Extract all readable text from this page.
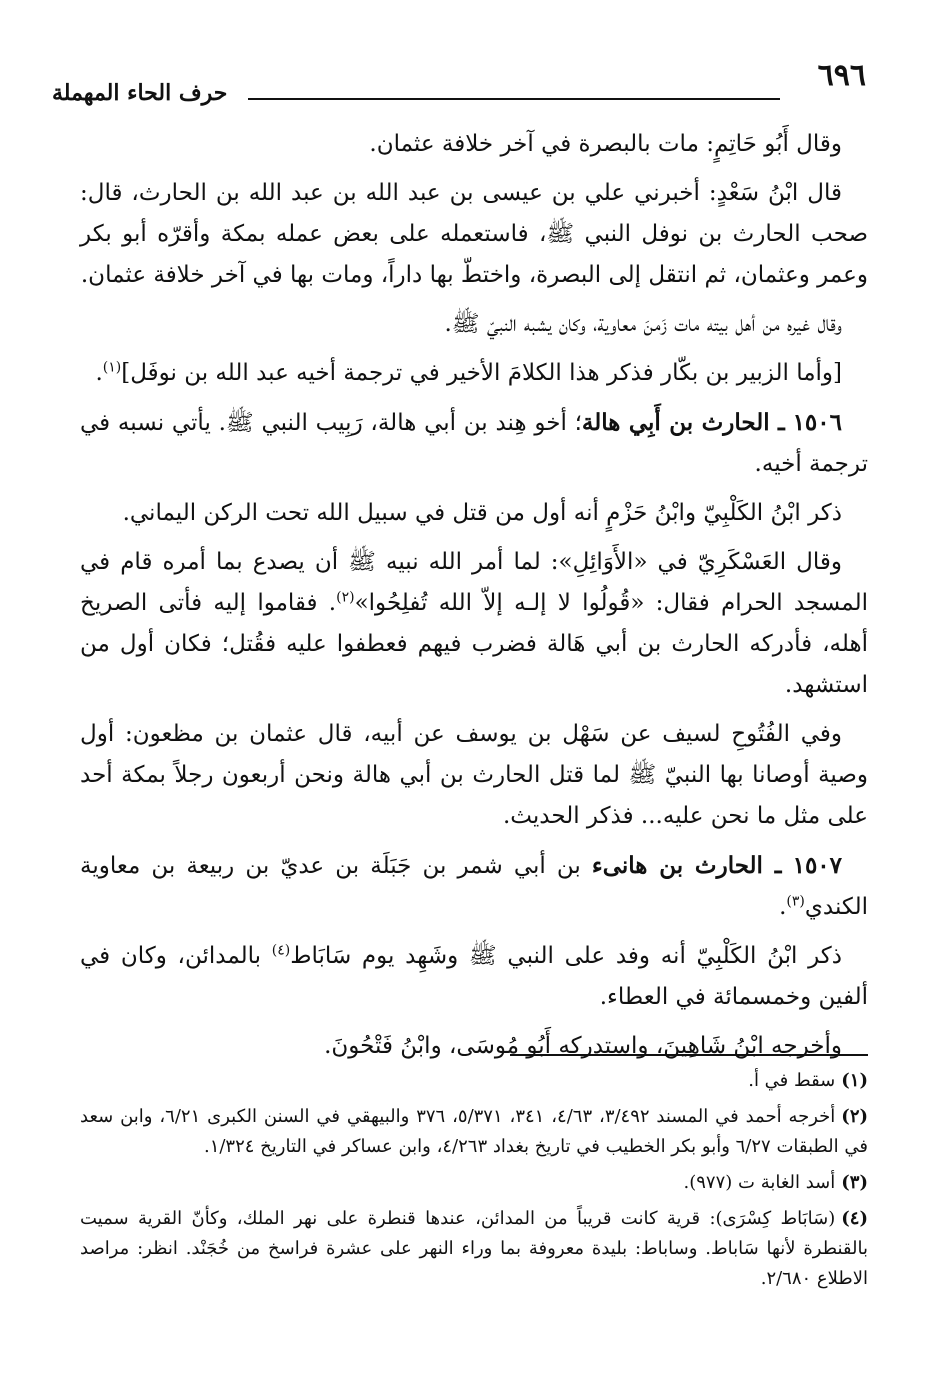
٦٩٦
حرف الحاء المهملة

وقال أَبُو حَاتِمٍ: مات بالبصرة في آخر خلافة عثمان.

قال ابْنُ سَعْدٍ: أخبرني علي بن عيسى بن عبد الله بن عبد الله بن الحارث، قال: صحب الحارث بن نوفل النبي ﷺ، فاستعمله على بعض عمله بمكة وأقرّه أبو بكر وعمر وعثمان، ثم انتقل إلى البصرة، واختطّ بها داراً، ومات بها في آخر خلافة عثمان.

وقال غيره من أهل بيته مات زَمنَ معاوية، وكان يشبه النبيّ ﷺ.

[وأما الزبير بن بكّار فذكر هذا الكلامَ الأخير في ترجمة أخيه عبد الله بن نوفَل]$^{(١)}$.

١٥٠٦ ـ الحارث بن أَبِي هالة؛ أخو هِند بن أبي هالة، رَبِيب النبي ﷺ. يأتي نسبه في ترجمة أخيه.

ذكر ابْنُ الكَلْبِيّ وابْنُ حَزْمٍ أنه أول من قتل في سبيل الله تحت الركن اليماني.

وقال العَسْكَرِيّ في «الأَوَائِلِ»: لما أمر الله نبيه ﷺ أن يصدع بما أمره قام في المسجد الحرام فقال: «قُولُوا لا إلـه إلاّ الله تُفلِحُوا»$^{(٢)}$. فقاموا إليه فأتى الصريخ أهله، فأدركه الحارث بن أبي هَالة فضرب فيهم فعطفوا عليه فقُتل؛ فكان أول من استشهد.

وفي الفُتُوحِ لسيف عن سَهْل بن يوسف عن أبيه، قال عثمان بن مظعون: أول وصية أوصانا بها النبيّ ﷺ لما قتل الحارث بن أبي هالة ونحن أربعون رجلاً بمكة أحد على مثل ما نحن عليه... فذكر الحديث.

١٥٠٧ ـ الحارث بن هانىء بن أبي شمر بن جَبَلَة بن عديّ بن ربيعة بن معاوية الكندي$^{(٣)}$.

ذكر ابْنُ الكَلْبِيّ أنه وفد على النبي ﷺ وشَهِد يوم سَابَاط$^{(٤)}$ بالمدائن، وكان في ألفين وخمسمائة في العطاء.

وأخرجه ابْنُ شَاهِينَ، واستدركه أَبُو مُوسَى، وابْنُ فَتْحُونَ.

(١)سقط في أ.

(٢)أخرجه أحمد في المسند ٣/٤٩٢، ٤/٦٣، ٣٤١، ٥/٣٧١، ٣٧٦ والبيهقي في السنن الكبرى ٦/٢١، وابن سعد في الطبقات ٦/٢٧ وأبو بكر الخطيب في تاريخ بغداد ٤/٢٦٣، وابن عساكر في التاريخ ١/٣٢٤.

(٣)أسد الغابة ت (٩٧٧).

(٤)(سَابَاط كِسْرَى): قرية كانت قريباً من المدائن، عندها قنطرة على نهر الملك، وكأنّ القرية سميت بالقنطرة لأنها سَاباط. وساباط: بليدة معروفة بما وراء النهر على عشرة فراسخ من خُجَنْد. انظر: مراصد الاطلاع ٢/٦٨٠.
